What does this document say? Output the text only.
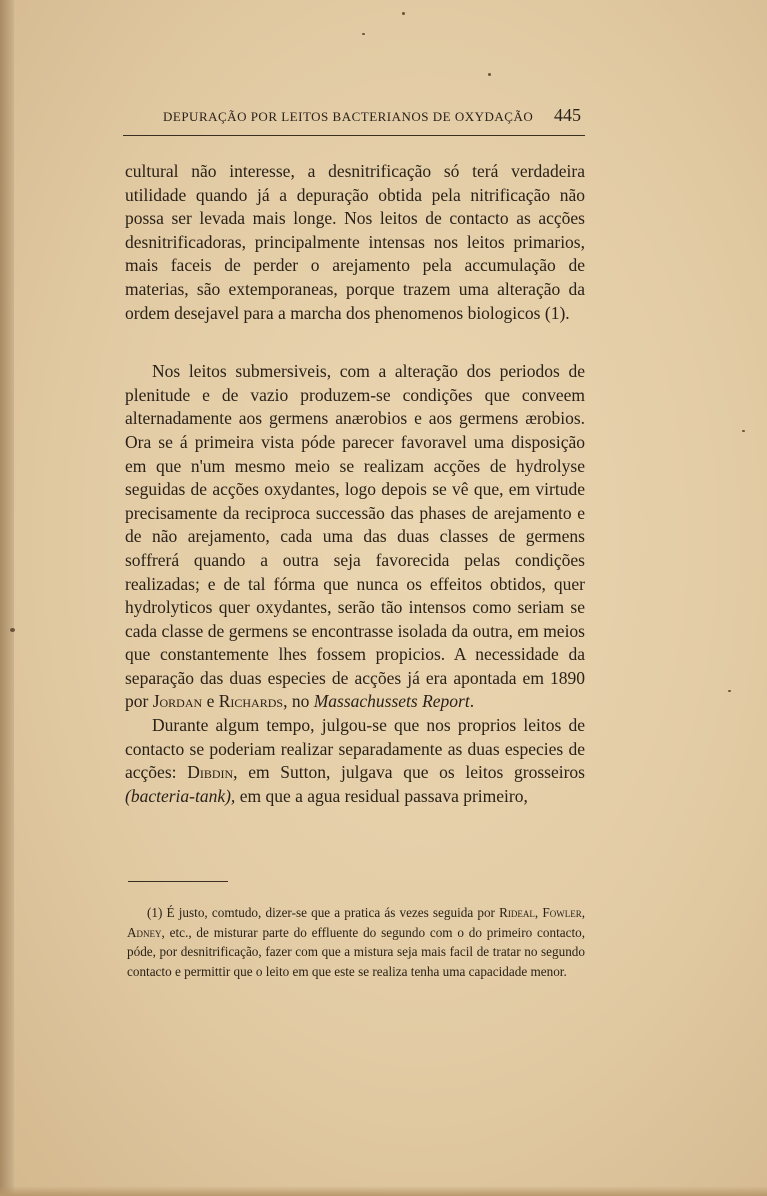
DEPURAÇÃO POR LEITOS BACTERIANOS DE OXYDAÇÃO 445

cultural não interesse, a desnitrificação só terá verdadeira utilidade quando já a depuração obtida pela nitrificação não possa ser levada mais longe. Nos leitos de contacto as acções desnitrificadoras, principalmente intensas nos leitos primarios, mais faceis de perder o arejamento pela accumulação de materias, são extemporaneas, porque trazem uma alteração da ordem desejavel para a marcha dos phenomenos biologicos (1).

Nos leitos submersiveis, com a alteração dos periodos de plenitude e de vazio produzem-se condições que conveem alternadamente aos germens anærobios e aos germens ærobios. Ora se á primeira vista póde parecer favoravel uma disposição em que n'um mesmo meio se realizam acções de hydrolyse seguidas de acções oxydantes, logo depois se vê que, em virtude precisamente da reciproca successão das phases de arejamento e de não arejamento, cada uma das duas classes de germens soffrerá quando a outra seja favorecida pelas condições realizadas; e de tal fórma que nunca os effeitos obtidos, quer hydrolyticos quer oxydantes, serão tão intensos como seriam se cada classe de germens se encontrasse isolada da outra, em meios que constantemente lhes fossem propicios. A necessidade da separação das duas especies de acções já era apontada em 1890 por Jordan e Richards, no Massachussets Report.

Durante algum tempo, julgou-se que nos proprios leitos de contacto se poderiam realizar separadamente as duas especies de acções: Dibdin, em Sutton, julgava que os leitos grosseiros (bacteria-tank), em que a agua residual passava primeiro,

(1) É justo, comtudo, dizer-se que a pratica ás vezes seguida por Rideal, Fowler, Adney, etc., de misturar parte do effluente do segundo com o do primeiro contacto, póde, por desnitrificação, fazer com que a mistura seja mais facil de tratar no segundo contacto e permittir que o leito em que este se realiza tenha uma capacidade menor.
